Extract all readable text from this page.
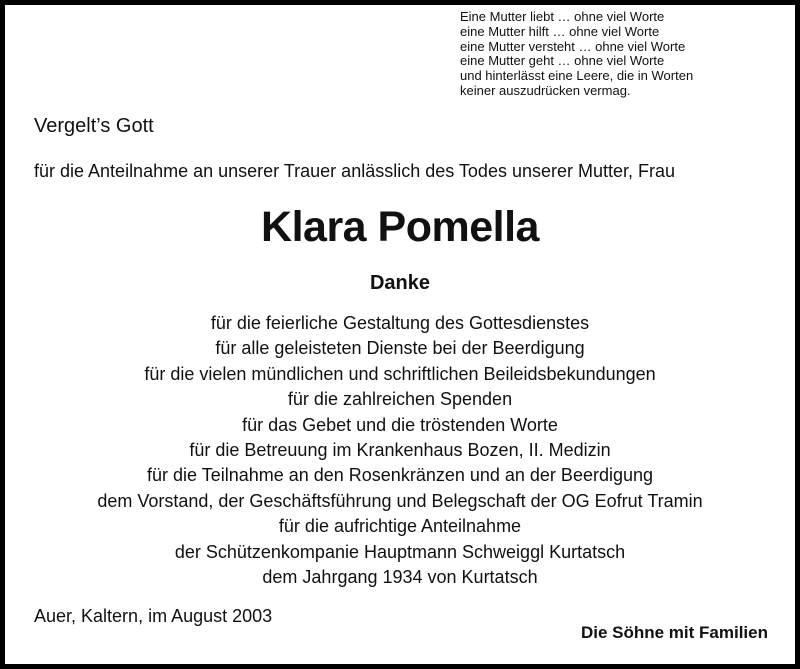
Eine Mutter liebt … ohne viel Worte
eine Mutter hilft … ohne viel Worte
eine Mutter versteht … ohne viel Worte
eine Mutter geht … ohne viel Worte
und hinterlässt eine Leere, die in Worten
keiner auszudrücken vermag.
Vergelt’s Gott
für die Anteilnahme an unserer Trauer anlässlich des Todes unserer Mutter, Frau
Klara Pomella
Danke
für die feierliche Gestaltung des Gottesdienstes
für alle geleisteten Dienste bei der Beerdigung
für die vielen mündlichen und schriftlichen Beileidsbekundungen
für die zahlreichen Spenden
für das Gebet und die tröstenden Worte
für die Betreuung im Krankenhaus Bozen, II. Medizin
für die Teilnahme an den Rosenkränzen und an der Beerdigung
dem Vorstand, der Geschäftsführung und Belegschaft der OG Eofrut Tramin
für die aufrichtige Anteilnahme
der Schützenkompanie Hauptmann Schweiggl Kurtatsch
dem Jahrgang 1934 von Kurtatsch
Auer, Kaltern, im August 2003
Die Söhne mit Familien
